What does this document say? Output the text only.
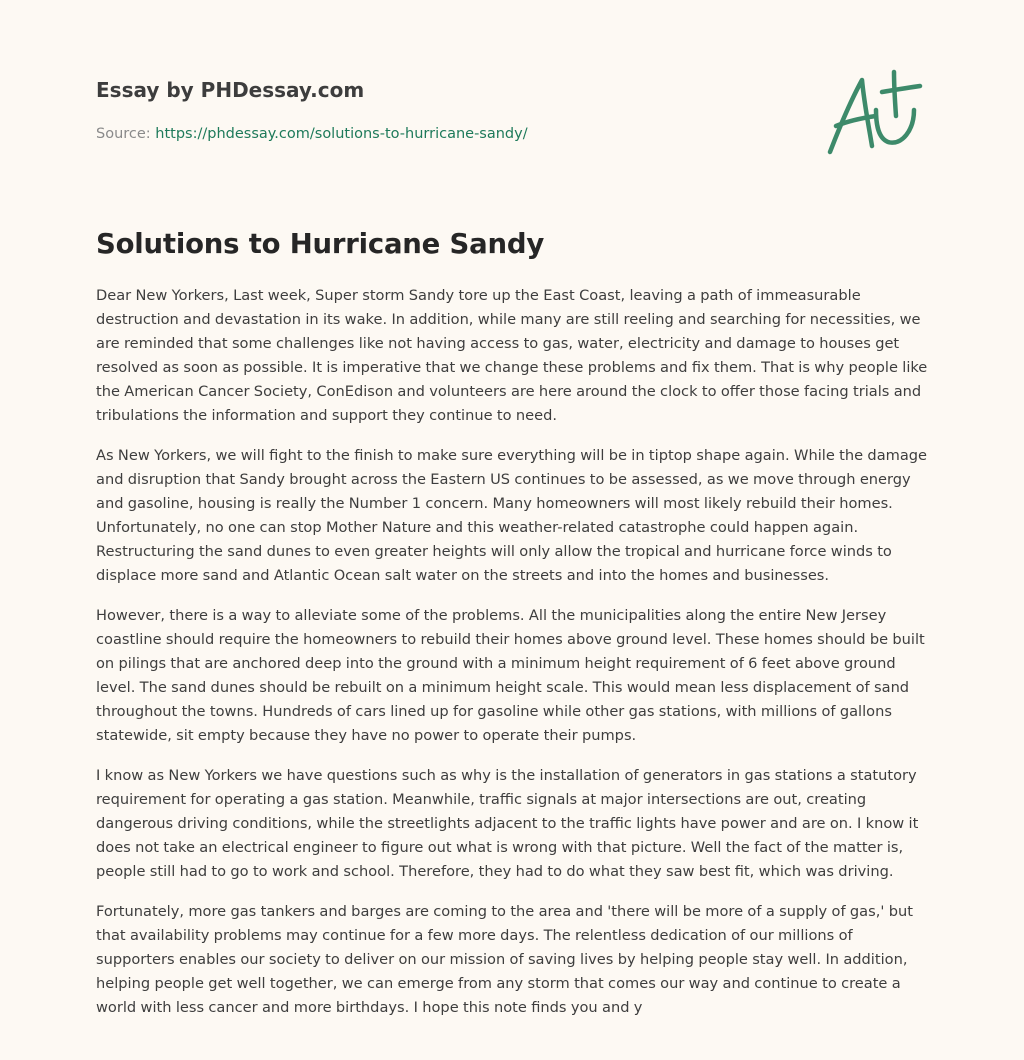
Essay by PHDessay.com
Source: https://phdessay.com/solutions-to-hurricane-sandy/
Solutions to Hurricane Sandy

Dear New Yorkers, Last week, Super storm Sandy tore up the East Coast, leaving a path of immeasurable destruction and devastation in its wake. In addition, while many are still reeling and searching for necessities, we are reminded that some challenges like not having access to gas, water, electricity and damage to houses get resolved as soon as possible. It is imperative that we change these problems and fix them. That is why people like the American Cancer Society, ConEdison and volunteers are here around the clock to offer those facing trials and tribulations the information and support they continue to need.

As New Yorkers, we will fight to the finish to make sure everything will be in tiptop shape again. While the damage and disruption that Sandy brought across the Eastern US continues to be assessed, as we move through energy and gasoline, housing is really the Number 1 concern. Many homeowners will most likely rebuild their homes. Unfortunately, no one can stop Mother Nature and this weather-related catastrophe could happen again. Restructuring the sand dunes to even greater heights will only allow the tropical and hurricane force winds to displace more sand and Atlantic Ocean salt water on the streets and into the homes and businesses.

However, there is a way to alleviate some of the problems. All the municipalities along the entire New Jersey coastline should require the homeowners to rebuild their homes above ground level. These homes should be built on pilings that are anchored deep into the ground with a minimum height requirement of 6 feet above ground level. The sand dunes should be rebuilt on a minimum height scale. This would mean less displacement of sand throughout the towns. Hundreds of cars lined up for gasoline while other gas stations, with millions of gallons statewide, sit empty because they have no power to operate their pumps.

I know as New Yorkers we have questions such as why is the installation of generators in gas stations a statutory requirement for operating a gas station. Meanwhile, traffic signals at major intersections are out, creating dangerous driving conditions, while the streetlights adjacent to the traffic lights have power and are on. I know it does not take an electrical engineer to figure out what is wrong with that picture. Well the fact of the matter is, people still had to go to work and school. Therefore, they had to do what they saw best fit, which was driving.

Fortunately, more gas tankers and barges are coming to the area and 'there will be more of a supply of gas,' but that availability problems may continue for a few more days. The relentless dedication of our millions of supporters enables our society to deliver on our mission of saving lives by helping people stay well. In addition, helping people get well together, we can emerge from any storm that comes our way and continue to create a world with less cancer and more birthdays. I hope this note finds you and y
